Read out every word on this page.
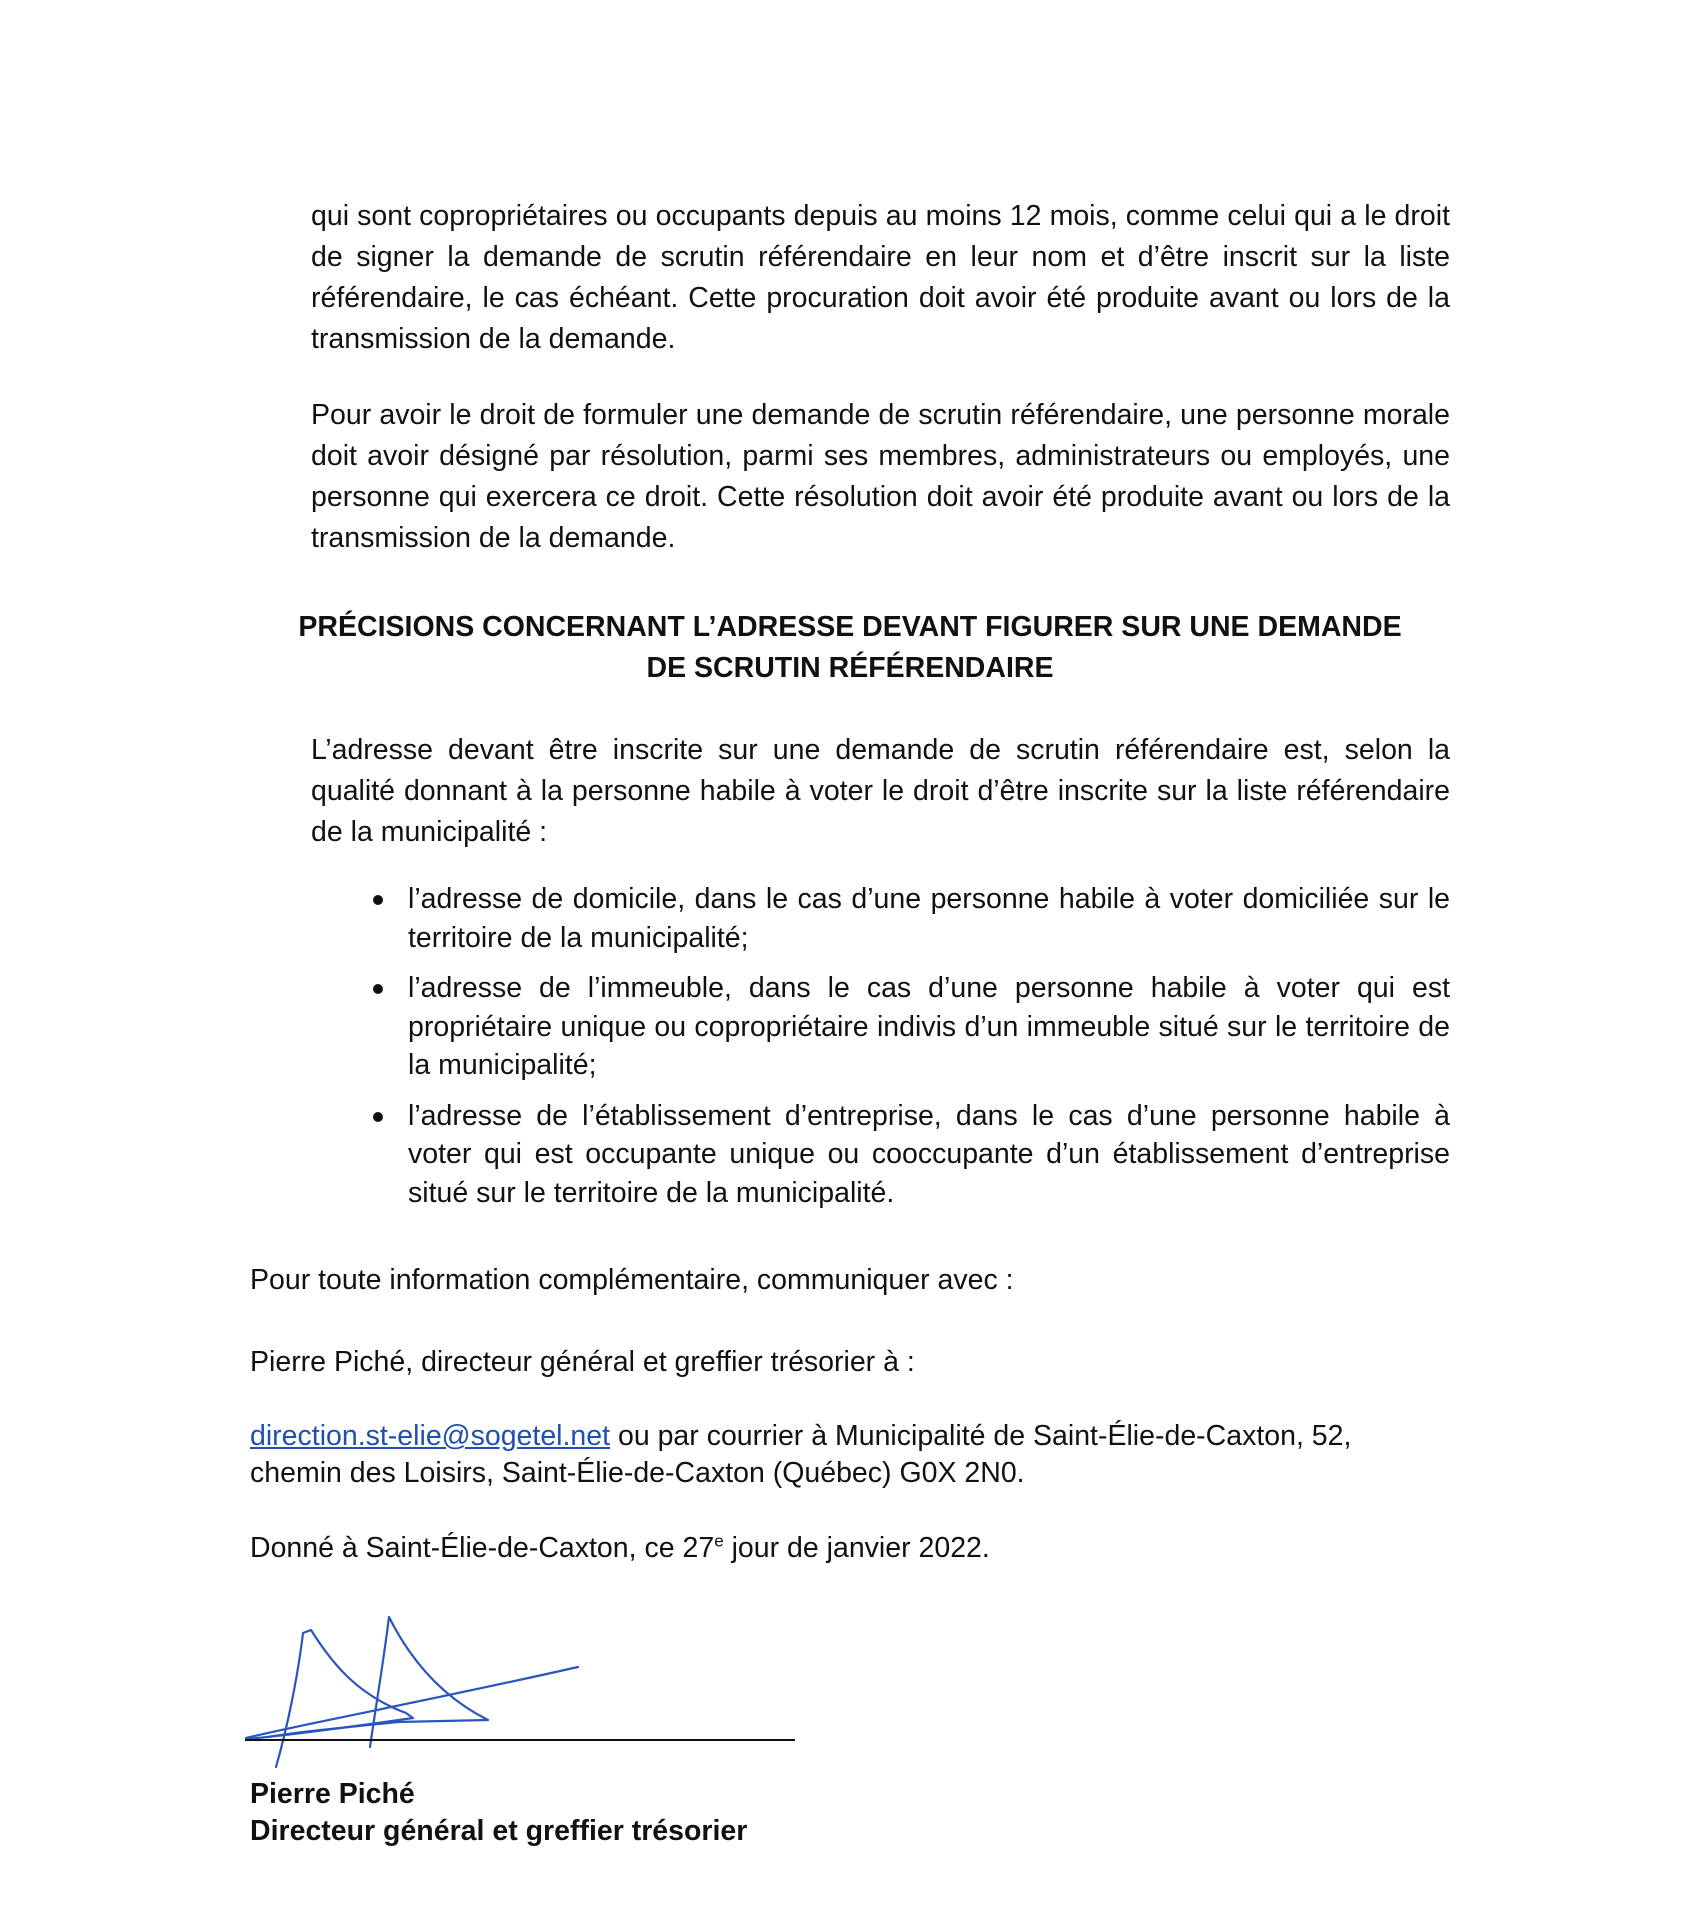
qui sont copropriétaires ou occupants depuis au moins 12 mois, comme celui qui a le droit de signer la demande de scrutin référendaire en leur nom et d’être inscrit sur la liste référendaire, le cas échéant. Cette procuration doit avoir été produite avant ou lors de la transmission de la demande.

Pour avoir le droit de formuler une demande de scrutin référendaire, une personne morale doit avoir désigné par résolution, parmi ses membres, administrateurs ou employés, une personne qui exercera ce droit. Cette résolution doit avoir été produite avant ou lors de la transmission de la demande.

PRÉCISIONS CONCERNANT L’ADRESSE DEVANT FIGURER SUR UNE DEMANDE
DE SCRUTIN RÉFÉRENDAIRE

L’adresse devant être inscrite sur une demande de scrutin référendaire est, selon la qualité donnant à la personne habile à voter le droit d’être inscrite sur la liste référendaire de la municipalité :

l’adresse de domicile, dans le cas d’une personne habile à voter domiciliée sur le territoire de la municipalité;
l’adresse de l’immeuble, dans le cas d’une personne habile à voter qui est propriétaire unique ou copropriétaire indivis d’un immeuble situé sur le territoire de la municipalité;
l’adresse de l’établissement d’entreprise, dans le cas d’une personne habile à voter qui est occupante unique ou cooccupante d’un établissement d’entreprise situé sur le territoire de la municipalité.

Pour toute information complémentaire, communiquer avec :

Pierre Piché, directeur général et greffier trésorier à :

direction.st-elie@sogetel.net ou par courrier à Municipalité de Saint-Élie-de-Caxton, 52,
chemin des Loisirs, Saint-Élie-de-Caxton (Québec) G0X 2N0.

Donné à Saint-Élie-de-Caxton, ce 27e jour de janvier 2022.

Pierre Piché

Directeur général et greffier trésorier
